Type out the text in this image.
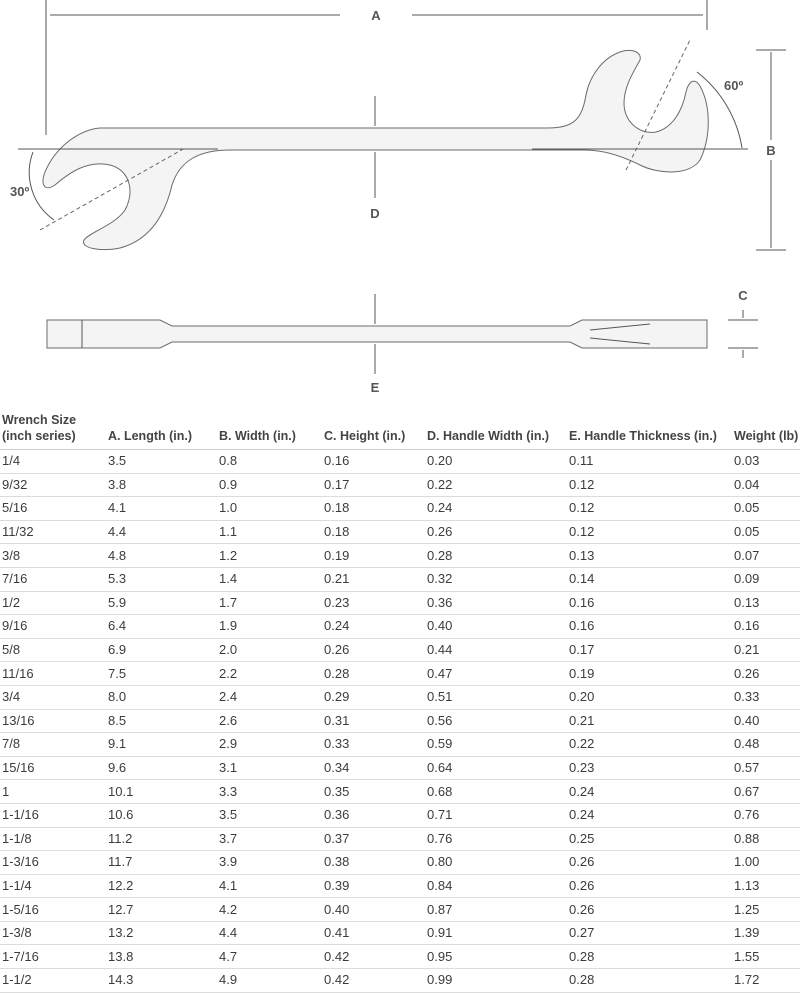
A
30º
60º
B
D
E
C
Wrench Size
(inch series)	A. Length (in.)	B. Width (in.)	C. Height (in.)	D. Handle Width (in.)	E. Handle Thickness (in.)	Weight (lb)
1/4	3.5	0.8	0.16	0.20	0.11	0.03
9/32	3.8	0.9	0.17	0.22	0.12	0.04
5/16	4.1	1.0	0.18	0.24	0.12	0.05
11/32	4.4	1.1	0.18	0.26	0.12	0.05
3/8	4.8	1.2	0.19	0.28	0.13	0.07
7/16	5.3	1.4	0.21	0.32	0.14	0.09
1/2	5.9	1.7	0.23	0.36	0.16	0.13
9/16	6.4	1.9	0.24	0.40	0.16	0.16
5/8	6.9	2.0	0.26	0.44	0.17	0.21
11/16	7.5	2.2	0.28	0.47	0.19	0.26
3/4	8.0	2.4	0.29	0.51	0.20	0.33
13/16	8.5	2.6	0.31	0.56	0.21	0.40
7/8	9.1	2.9	0.33	0.59	0.22	0.48
15/16	9.6	3.1	0.34	0.64	0.23	0.57
1	10.1	3.3	0.35	0.68	0.24	0.67
1-1/16	10.6	3.5	0.36	0.71	0.24	0.76
1-1/8	11.2	3.7	0.37	0.76	0.25	0.88
1-3/16	11.7	3.9	0.38	0.80	0.26	1.00
1-1/4	12.2	4.1	0.39	0.84	0.26	1.13
1-5/16	12.7	4.2	0.40	0.87	0.26	1.25
1-3/8	13.2	4.4	0.41	0.91	0.27	1.39
1-7/16	13.8	4.7	0.42	0.95	0.28	1.55
1-1/2	14.3	4.9	0.42	0.99	0.28	1.72
